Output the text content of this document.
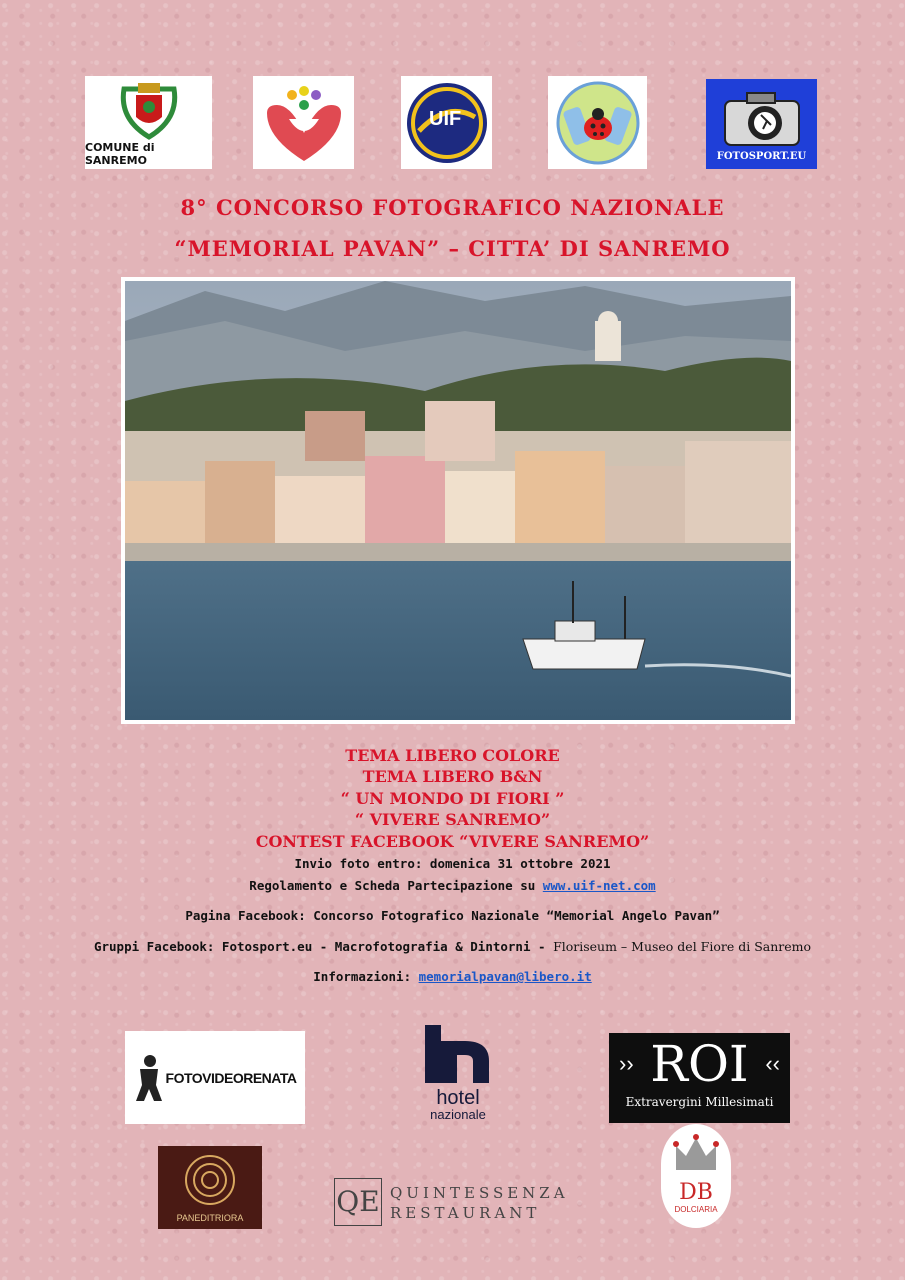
COMUNE di SANREMO
UIF
FOTOSPORT.EU
8° CONCORSO FOTOGRAFICO NAZIONALE
“MEMORIAL PAVAN” – CITTA’ DI SANREMO
TEMA LIBERO COLORE
TEMA LIBERO B&N
“ UN MONDO DI FIORI ”
“ VIVERE SANREMO”
CONTEST FACEBOOK “VIVERE SANREMO”
Invio foto entro: domenica 31 ottobre 2021
Regolamento e Scheda Partecipazione su www.uif-net.com
Pagina Facebook: Concorso Fotografico Nazionale “Memorial Angelo Pavan”
Gruppi Facebook: Fotosport.eu - Macrofotografia & Dintorni - Floriseum – Museo del Fiore di Sanremo
Informazioni: memorialpavan@libero.it
FOTOVIDEORENATA
hotel
nazionale
ROI
››	‹‹
Extravergini Millesimati
PANEDITRIORA	QE QUINTESSENZA
RESTAURANT
DB
DOLCIARIA
